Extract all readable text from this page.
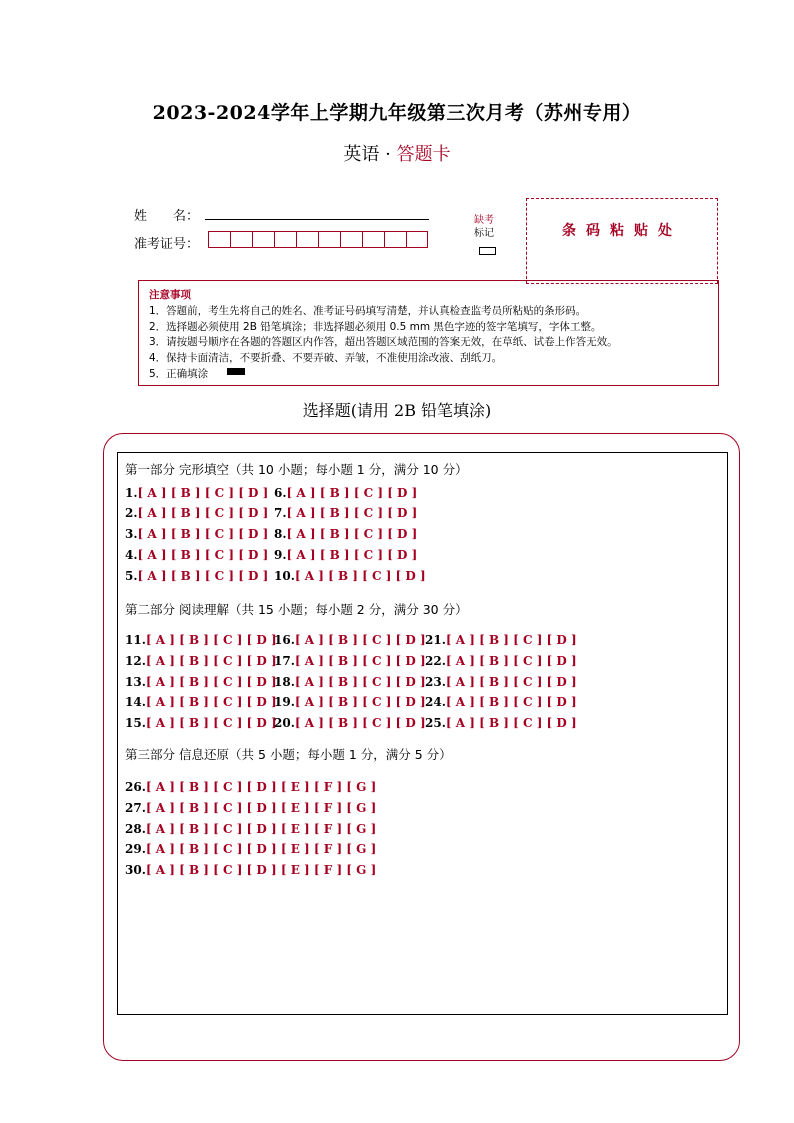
2023-2024学年上学期九年级第三次月考（苏州专用）
英语 · 答题卡
姓　　名：
准考证号：
缺考
标记	条码粘贴处
注意事项
1．答题前，考生先将自己的姓名、准考证号码填写清楚，并认真检查监考员所粘贴的条形码。
2．选择题必须使用 2B 铅笔填涂；非选择题必须用 0.5 mm 黑色字迹的签字笔填写，字体工整。
3．请按题号顺序在各题的答题区内作答，超出答题区域范围的答案无效，在草纸、试卷上作答无效。
4．保持卡面清洁，不要折叠、不要弄破、弄皱，不准使用涂改液、刮纸刀。
5．正确填涂
选择题(请用 2B 铅笔填涂)
第一部分 完形填空（共 10 小题；每小题 1 分，满分 10 分）
1.[ A ] [ B ] [ C ] [ D ]
2.[ A ] [ B ] [ C ] [ D ]
3.[ A ] [ B ] [ C ] [ D ]
4.[ A ] [ B ] [ C ] [ D ]
5.[ A ] [ B ] [ C ] [ D ]
6.[ A ] [ B ] [ C ] [ D ]
7.[ A ] [ B ] [ C ] [ D ]
8.[ A ] [ B ] [ C ] [ D ]
9.[ A ] [ B ] [ C ] [ D ]
10.[ A ] [ B ] [ C ] [ D ]
第二部分 阅读理解（共 15 小题；每小题 2 分，满分 30 分）
11.[ A ] [ B ] [ C ] [ D ]
12.[ A ] [ B ] [ C ] [ D ]
13.[ A ] [ B ] [ C ] [ D ]
14.[ A ] [ B ] [ C ] [ D ]
15.[ A ] [ B ] [ C ] [ D ]
16.[ A ] [ B ] [ C ] [ D ]
17.[ A ] [ B ] [ C ] [ D ]
18.[ A ] [ B ] [ C ] [ D ]
19.[ A ] [ B ] [ C ] [ D ]
20.[ A ] [ B ] [ C ] [ D ]
21.[ A ] [ B ] [ C ] [ D ]
22.[ A ] [ B ] [ C ] [ D ]
23.[ A ] [ B ] [ C ] [ D ]
24.[ A ] [ B ] [ C ] [ D ]
25.[ A ] [ B ] [ C ] [ D ]
第三部分 信息还原（共 5 小题；每小题 1 分，满分 5 分）
26.[ A ] [ B ] [ C ] [ D ] [ E ] [ F ] [ G ]
27.[ A ] [ B ] [ C ] [ D ] [ E ] [ F ] [ G ]
28.[ A ] [ B ] [ C ] [ D ] [ E ] [ F ] [ G ]
29.[ A ] [ B ] [ C ] [ D ] [ E ] [ F ] [ G ]
30.[ A ] [ B ] [ C ] [ D ] [ E ] [ F ] [ G ]
